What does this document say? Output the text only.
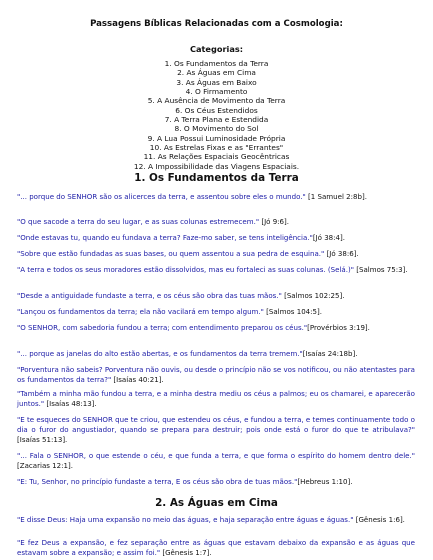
Passagens Bíblicas Relacionadas com a Cosmologia:
Categorias:
1. Os Fundamentos da Terra
2. As Águas em Cima
3. As Águas em Baixo
4. O Firmamento
5. A Ausência de Movimento da Terra
6. Os Céus Estendidos
7. A Terra Plana e Estendida
8. O Movimento do Sol
9. A Lua Possui Luminosidade Própria
10. As Estrelas Fixas e as "Errantes"
11. As Relações Espaciais Geocêntricas
12. A Impossibilidade das Viagens Espaciais.
1. Os Fundamentos da Terra
"... porque do SENHOR são os alicerces da terra, e assentou sobre eles o mundo." [1 Samuel 2:8b].
"O que sacode a terra do seu lugar, e as suas colunas estremecem." [Jó 9:6].
"Onde estavas tu, quando eu fundava a terra? Faze-mo saber, se tens inteligência."[Jó 38:4].
"Sobre que estão fundadas as suas bases, ou quem assentou a sua pedra de esquina." [Jó 38:6].
"A terra e todos os seus moradores estão dissolvidos, mas eu fortaleci as suas colunas. (Selá.)" [Salmos 75:3].
"Desde a antiguidade fundaste a terra, e os céus são obra das tuas mãos." [Salmos 102:25].
"Lançou os fundamentos da terra; ela não vacilará em tempo algum." [Salmos 104:5].
"O SENHOR, com sabedoria fundou a terra; com entendimento preparou os céus."[Provérbios 3:19].
"... porque as janelas do alto estão abertas, e os fundamentos da terra tremem."[Isaías 24:18b].
"Porventura não sabeis? Porventura não ouvis, ou desde o princípio não se vos notificou, ou não atentastes para os fundamentos da terra?" [Isaías 40:21].
"Também a minha mão fundou a terra, e a minha destra mediu os céus a palmos; eu os chamarei, e aparecerão juntos." [Isaías 48:13].
"E te esqueces do SENHOR que te criou, que estendeu os céus, e fundou a terra, e temes continuamente todo o dia o furor do angustiador, quando se prepara para destruir; pois onde está o furor do que te atribulava?" [Isaías 51:13].
"... Fala o SENHOR, o que estende o céu, e que funda a terra, e que forma o espírito do homem dentro dele." [Zacarias 12:1].
"E: Tu, Senhor, no princípio fundaste a terra, E os céus são obra de tuas mãos."[Hebreus 1:10].
2. As Águas em Cima
"E disse Deus: Haja uma expansão no meio das águas, e haja separação entre águas e águas." [Gênesis 1:6].
"E fez Deus a expansão, e fez separação entre as águas que estavam debaixo da expansão e as águas que estavam sobre a expansão; e assim foi." [Gênesis 1:7].
